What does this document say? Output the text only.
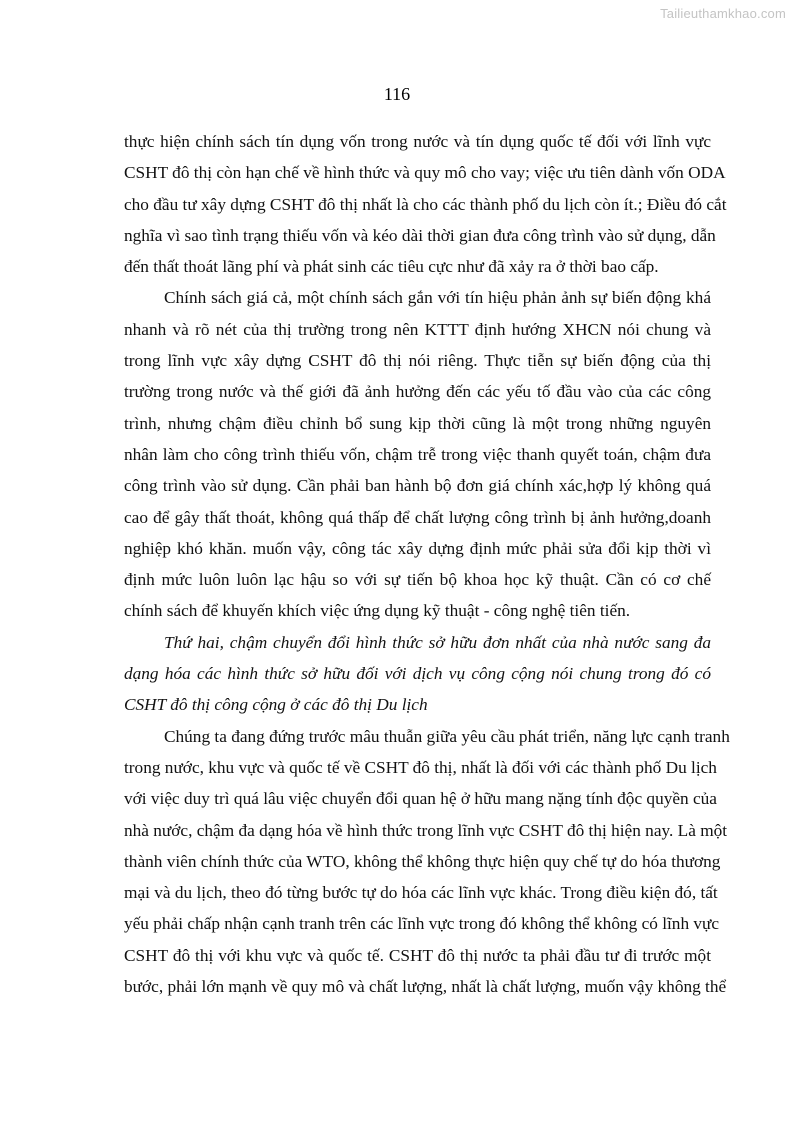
Tailieuthamkhao.com
116
thực hiện chính sách tín dụng vốn trong nước và tín dụng quốc tế đối với lĩnh vực
CSHT đô thị còn hạn chế về hình thức và quy mô cho vay; việc ưu tiên dành vốn ODA
cho đầu tư xây dựng CSHT đô thị nhất là cho các thành phố du lịch còn ít.; Điều đó cắt
nghĩa vì sao tình trạng thiếu vốn và kéo dài thời gian đưa công trình vào sử dụng, dẫn
đến thất thoát lãng phí và phát sinh các tiêu cực như đã xảy ra ở thời bao cấp.
Chính sách giá cả, một chính sách gắn với tín hiệu phản ảnh sự biến động khá
nhanh và rõ nét của thị trường trong nên KTTT định hướng XHCN nói chung và
trong lĩnh vực xây dựng CSHT đô thị nói riêng. Thực tiễn sự biến động của thị
trường trong nước và thế giới đã ảnh hưởng đến các yếu tố đầu vào của các công
trình, nhưng chậm điều chỉnh bổ sung kịp thời cũng là một trong những nguyên
nhân làm cho công trình thiếu vốn, chậm trễ trong việc thanh quyết toán, chậm đưa
công trình vào sử dụng. Cần phải ban hành bộ đơn giá chính xác,hợp lý không quá
cao để gây thất thoát, không quá thấp để chất lượng công trình bị ảnh hưởng,doanh
nghiệp khó khăn. muốn vậy, công tác xây dựng định mức phải sửa đổi kịp thời vì
định mức luôn luôn lạc hậu so với sự tiến bộ khoa học kỹ thuật. Cần có cơ chế
chính sách để khuyến khích việc ứng dụng kỹ thuật - công nghệ tiên tiến.
Thứ hai, chậm chuyển đổi hình thức sở hữu đơn nhất của nhà nước sang đa
dạng hóa các hình thức sở hữu đối với dịch vụ công cộng nói chung trong đó có
CSHT đô thị công cộng ở các đô thị Du lịch
Chúng ta đang đứng trước mâu thuẫn giữa yêu cầu phát triển, năng lực cạnh tranh
trong nước, khu vực và quốc tế về CSHT đô thị, nhất là đối với các thành phố Du lịch
với việc duy trì quá lâu việc chuyển đổi quan hệ ở hữu mang nặng tính độc quyền của
nhà nước, chậm đa dạng hóa về hình thức trong lĩnh vực CSHT đô thị hiện nay. Là một
thành viên chính thức của WTO, không thể không thực hiện quy chế tự do hóa thương
mại và du lịch, theo đó từng bước tự do hóa các lĩnh vực khác. Trong điều kiện đó, tất
yếu phải chấp nhận cạnh tranh trên các lĩnh vực trong đó không thể không có lĩnh vực
CSHT đô thị với khu vực và quốc tế. CSHT đô thị nước ta phải đầu tư đi trước một
bước, phải lớn mạnh về quy mô và chất lượng, nhất là chất lượng, muốn vậy không thể
